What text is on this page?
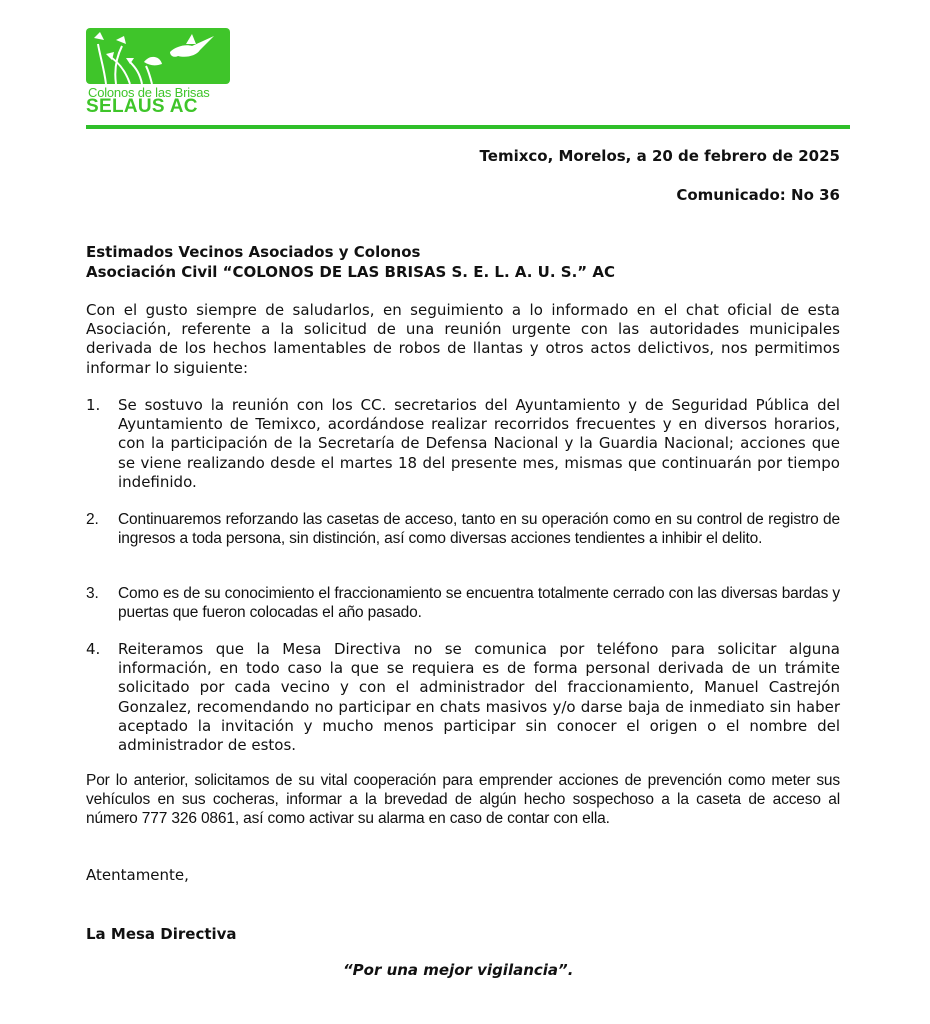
Colonos de las Brisas
SELAUS AC
Temixco, Morelos, a 20 de febrero de 2025
Comunicado: No 36
Estimados Vecinos Asociados y Colonos
Asociación Civil “COLONOS DE LAS BRISAS S. E. L. A. U. S.” AC
Con el gusto siempre de saludarlos, en seguimiento a lo informado en el chat oficial de esta Asociación, referente a la solicitud de una reunión urgente con las autoridades municipales derivada de los hechos lamentables de robos de llantas y otros actos delictivos, nos permitimos informar lo siguiente:
1. Se sostuvo la reunión con los CC. secretarios del Ayuntamiento y de Seguridad Pública del Ayuntamiento de Temixco, acordándose realizar recorridos frecuentes y en diversos horarios, con la participación de la Secretaría de Defensa Nacional y la Guardia Nacional; acciones que se viene realizando desde el martes 18 del presente mes, mismas que continuarán por tiempo indefinido.
2. Continuaremos reforzando las casetas de acceso, tanto en su operación como en su control de registro de ingresos a toda persona, sin distinción, así como diversas acciones tendientes a inhibir el delito.
3. Como es de su conocimiento el fraccionamiento se encuentra totalmente cerrado con las diversas bardas y puertas que fueron colocadas el año pasado.
4. Reiteramos que la Mesa Directiva no se comunica por teléfono para solicitar alguna información, en todo caso la que se requiera es de forma personal derivada de un trámite solicitado por cada vecino y con el administrador del fraccionamiento, Manuel Castrejón Gonzalez, recomendando no participar en chats masivos y/o darse baja de inmediato sin haber aceptado la invitación y mucho menos participar sin conocer el origen o el nombre del administrador de estos.
Por lo anterior, solicitamos de su vital cooperación para emprender acciones de prevención como meter sus vehículos en sus cocheras, informar a la brevedad de algún hecho sospechoso a la caseta de acceso al número 777 326 0861, así como activar su alarma en caso de contar con ella.
Atentamente,
La Mesa Directiva
“Por una mejor vigilancia”.
